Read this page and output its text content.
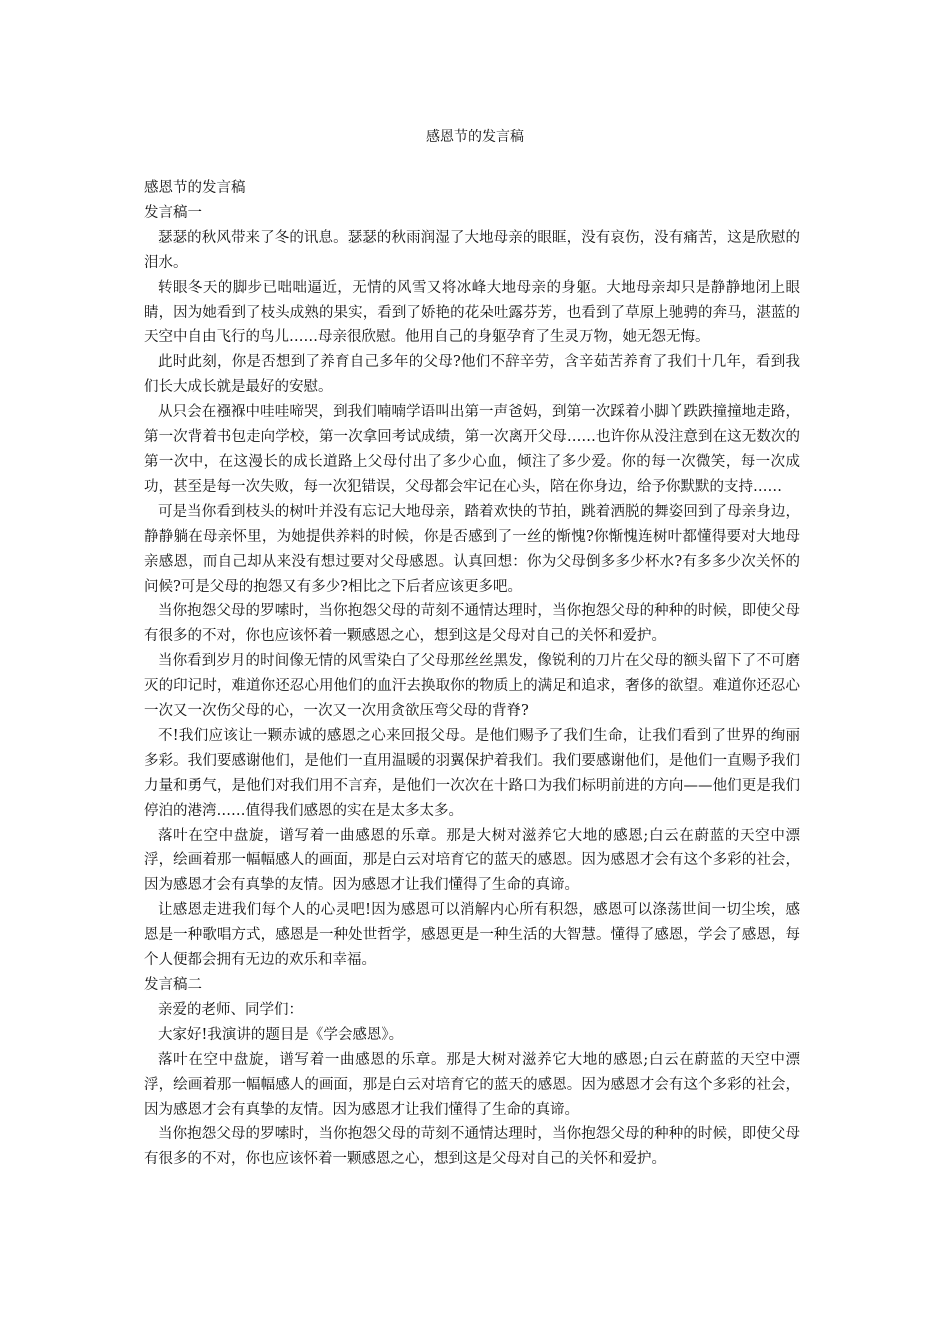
感恩节的发言稿

感恩节的发言稿

发言稿一

瑟瑟的秋风带来了冬的讯息。瑟瑟的秋雨润湿了大地母亲的眼眶，没有哀伤，没有痛苦，这是欣慰的泪水。

转眼冬天的脚步已咄咄逼近，无情的风雪又将冰峰大地母亲的身躯。大地母亲却只是静静地闭上眼睛，因为她看到了枝头成熟的果实，看到了娇艳的花朵吐露芬芳，也看到了草原上驰骋的奔马，湛蓝的天空中自由飞行的鸟儿……母亲很欣慰。他用自己的身躯孕育了生灵万物，她无怨无悔。

此时此刻，你是否想到了养育自己多年的父母?他们不辞辛劳，含辛茹苦养育了我们十几年，看到我们长大成长就是最好的安慰。

从只会在襁褓中哇哇啼哭，到我们喃喃学语叫出第一声爸妈，到第一次踩着小脚丫跌跌撞撞地走路，第一次背着书包走向学校，第一次拿回考试成绩，第一次离开父母……也许你从没注意到在这无数次的第一次中，在这漫长的成长道路上父母付出了多少心血，倾注了多少爱。你的每一次微笑，每一次成功，甚至是每一次失败，每一次犯错误，父母都会牢记在心头，陪在你身边，给予你默默的支持……

可是当你看到枝头的树叶并没有忘记大地母亲，踏着欢快的节拍，跳着洒脱的舞姿回到了母亲身边，静静躺在母亲怀里，为她提供养料的时候，你是否感到了一丝的惭愧?你惭愧连树叶都懂得要对大地母亲感恩，而自己却从来没有想过要对父母感恩。认真回想：你为父母倒多多少杯水?有多多少次关怀的问候?可是父母的抱怨又有多少?相比之下后者应该更多吧。

当你抱怨父母的罗嗦时，当你抱怨父母的苛刻不通情达理时，当你抱怨父母的种种的时候，即使父母有很多的不对，你也应该怀着一颗感恩之心，想到这是父母对自己的关怀和爱护。

当你看到岁月的时间像无情的风雪染白了父母那丝丝黑发，像锐利的刀片在父母的额头留下了不可磨灭的印记时，难道你还忍心用他们的血汗去换取你的物质上的满足和追求，奢侈的欲望。难道你还忍心一次又一次伤父母的心，一次又一次用贪欲压弯父母的背脊?

不!我们应该让一颗赤诚的感恩之心来回报父母。是他们赐予了我们生命，让我们看到了世界的绚丽多彩。我们要感谢他们，是他们一直用温暖的羽翼保护着我们。我们要感谢他们，是他们一直赐予我们力量和勇气，是他们对我们用不言弃，是他们一次次在十路口为我们标明前进的方向——他们更是我们停泊的港湾……值得我们感恩的实在是太多太多。

落叶在空中盘旋，谱写着一曲感恩的乐章。那是大树对滋养它大地的感恩;白云在蔚蓝的天空中漂浮，绘画着那一幅幅感人的画面，那是白云对培育它的蓝天的感恩。因为感恩才会有这个多彩的社会，因为感恩才会有真挚的友情。因为感恩才让我们懂得了生命的真谛。

让感恩走进我们每个人的心灵吧!因为感恩可以消解内心所有积怨，感恩可以涤荡世间一切尘埃，感恩是一种歌唱方式，感恩是一种处世哲学，感恩更是一种生活的大智慧。懂得了感恩，学会了感恩，每个人便都会拥有无边的欢乐和幸福。

发言稿二

亲爱的老师、同学们：

大家好!我演讲的题目是《学会感恩》。

落叶在空中盘旋，谱写着一曲感恩的乐章。那是大树对滋养它大地的感恩;白云在蔚蓝的天空中漂浮，绘画着那一幅幅感人的画面，那是白云对培育它的蓝天的感恩。因为感恩才会有这个多彩的社会，因为感恩才会有真挚的友情。因为感恩才让我们懂得了生命的真谛。

当你抱怨父母的罗嗦时，当你抱怨父母的苛刻不通情达理时，当你抱怨父母的种种的时候，即使父母有很多的不对，你也应该怀着一颗感恩之心，想到这是父母对自己的关怀和爱护。
